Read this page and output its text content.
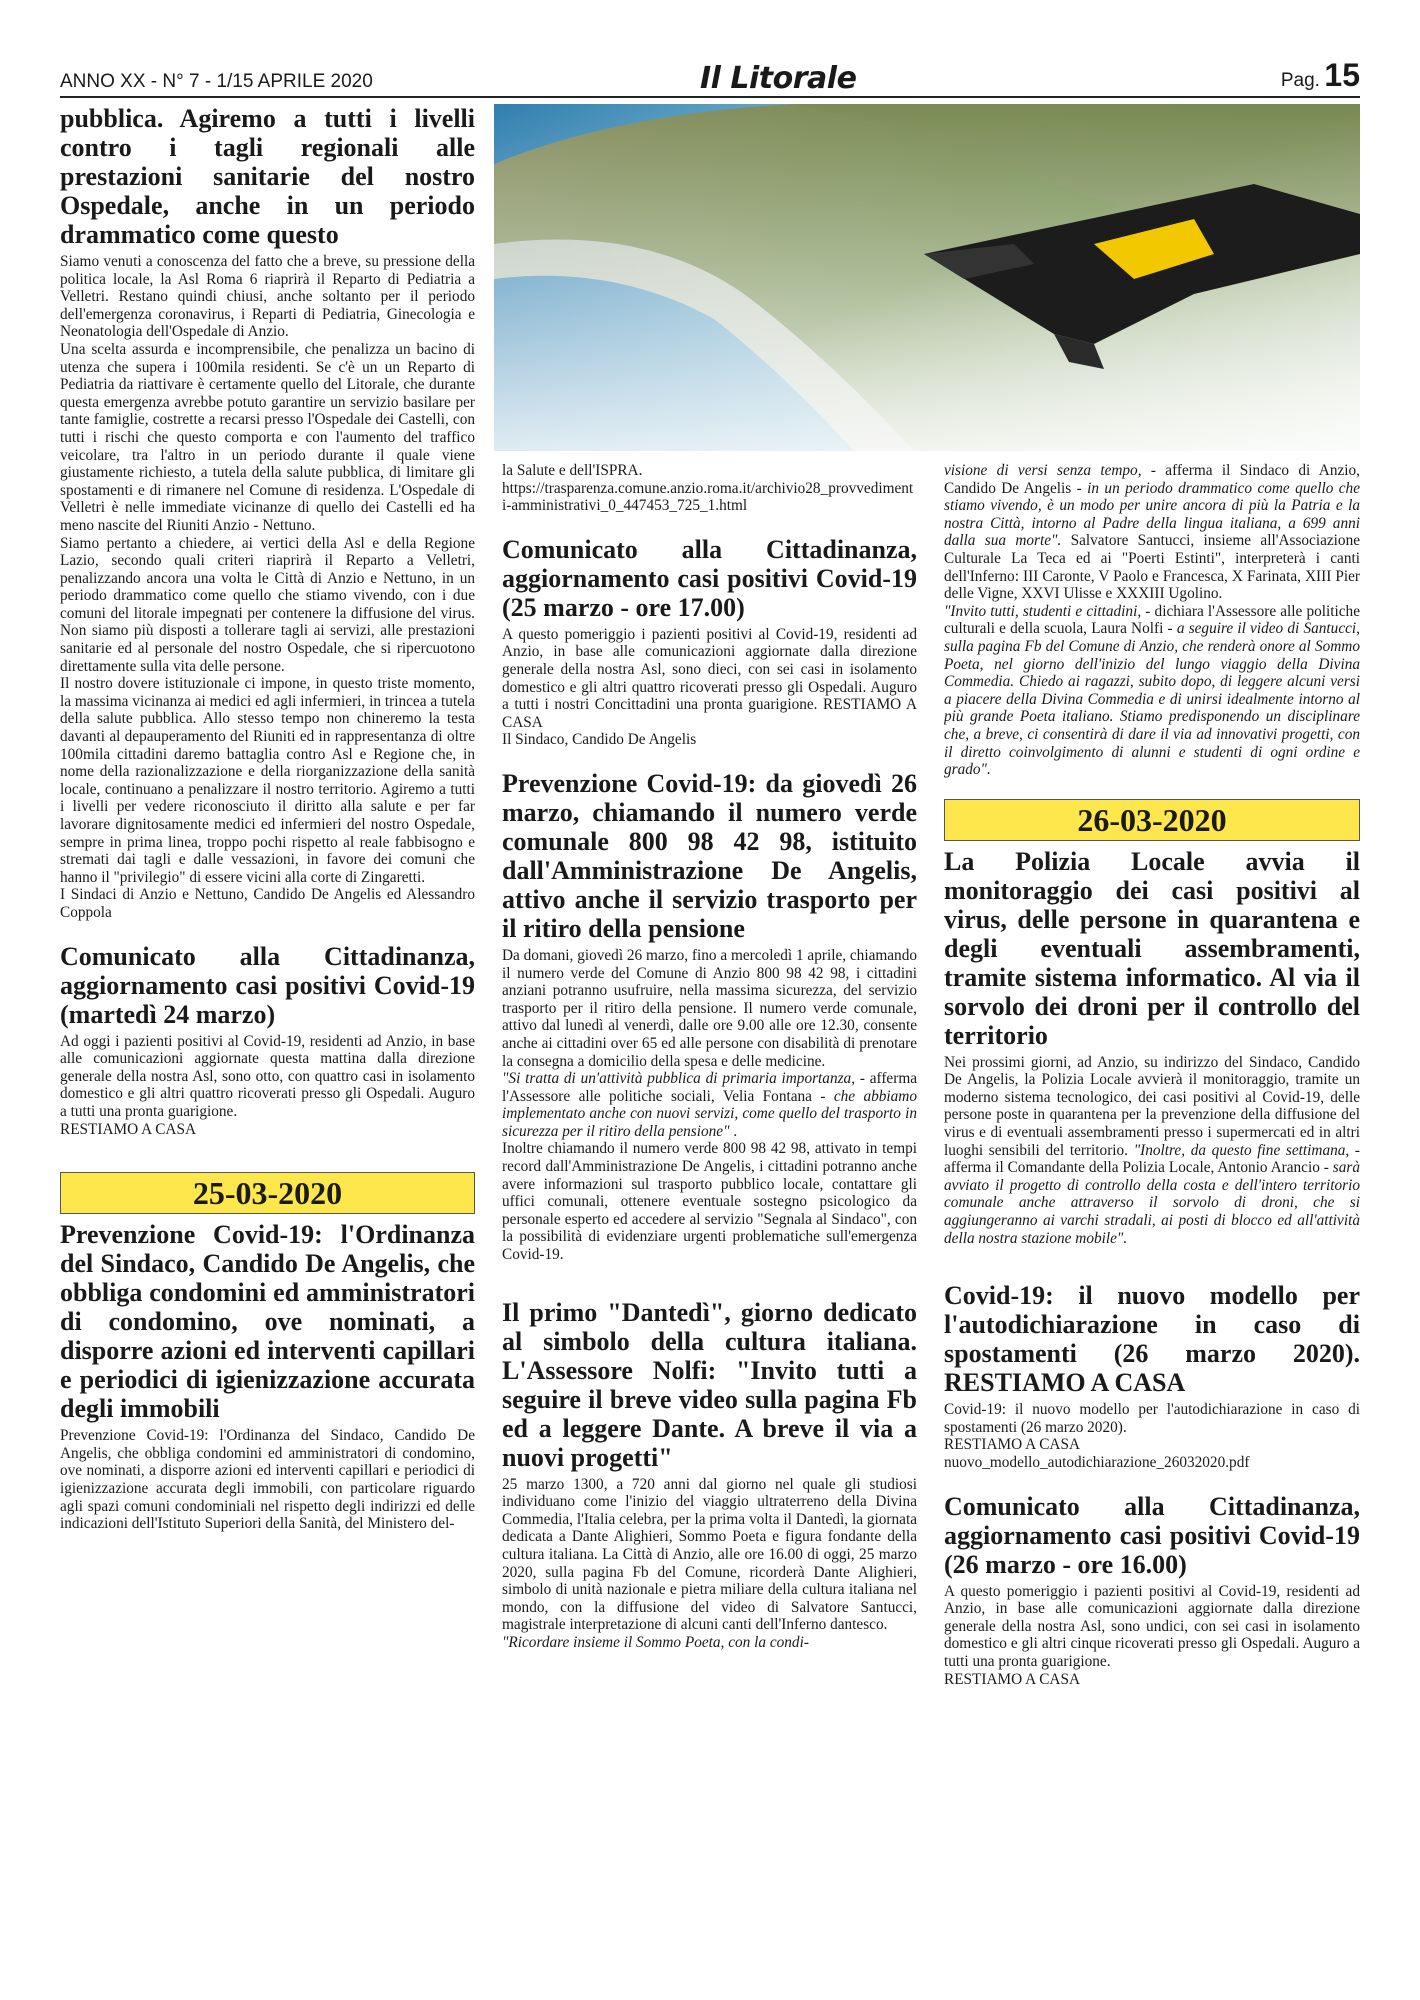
ANNO XX - N° 7 - 1/15 APRILE 2020	Il Litorale	Pag. 15

pubblica. Agiremo a tutti i livelli contro i tagli regionali alle prestazioni sanitarie del nostro Ospedale, anche in un periodo drammatico come questo

Siamo venuti a conoscenza del fatto che a breve, su pressione della politica locale, la Asl Roma 6 riaprirà il Reparto di Pediatria a Velletri. Restano quindi chiusi, anche soltanto per il periodo dell'emergenza coronavirus, i Reparti di Pediatria, Ginecologia e Neonatologia dell'Ospedale di Anzio.

Una scelta assurda e incomprensibile, che penalizza un bacino di utenza che supera i 100mila residenti. Se c'è un un Reparto di Pediatria da riattivare è certamente quello del Litorale, che durante questa emergenza avrebbe potuto garantire un servizio basilare per tante famiglie, costrette a recarsi presso l'Ospedale dei Castelli, con tutti i rischi che questo comporta e con l'aumento del traffico veicolare, tra l'altro in un periodo durante il quale viene giustamente richiesto, a tutela della salute pubblica, di limitare gli spostamenti e di rimanere nel Comune di residenza. L'Ospedale di Velletri è nelle immediate vicinanze di quello dei Castelli ed ha meno nascite del Riuniti Anzio - Nettuno.

Siamo pertanto a chiedere, ai vertici della Asl e della Regione Lazio, secondo quali criteri riaprirà il Reparto a Velletri, penalizzando ancora una volta le Città di Anzio e Nettuno, in un periodo drammatico come quello che stiamo vivendo, con i due comuni del litorale impegnati per contenere la diffusione del virus. Non siamo più disposti a tollerare tagli ai servizi, alle prestazioni sanitarie ed al personale del nostro Ospedale, che si ripercuotono direttamente sulla vita delle persone.

Il nostro dovere istituzionale ci impone, in questo triste momento, la massima vicinanza ai medici ed agli infermieri, in trincea a tutela della salute pubblica. Allo stesso tempo non chineremo la testa davanti al depauperamento del Riuniti ed in rappresentanza di oltre 100mila cittadini daremo battaglia contro Asl e Regione che, in nome della razionalizzazione e della riorganizzazione della sanità locale, continuano a penalizzare il nostro territorio. Agiremo a tutti i livelli per vedere riconosciuto il diritto alla salute e per far lavorare dignitosamente medici ed infermieri del nostro Ospedale, sempre in prima linea, troppo pochi rispetto al reale fabbisogno e stremati dai tagli e dalle vessazioni, in favore dei comuni che hanno il "privilegio" di essere vicini alla corte di Zingaretti.

I Sindaci di Anzio e Nettuno, Candido De Angelis ed Alessandro Coppola

Comunicato alla Cittadinanza, aggiornamento casi positivi Covid-19 (martedì 24 marzo)

Ad oggi i pazienti positivi al Covid-19, residenti ad Anzio, in base alle comunicazioni aggiornate questa mattina dalla direzione generale della nostra Asl, sono otto, con quattro casi in isolamento domestico e gli altri quattro ricoverati presso gli Ospedali. Auguro a tutti una pronta guarigione.

RESTIAMO A CASA

25-03-2020

Prevenzione Covid-19: l'Ordinanza del Sindaco, Candido De Angelis, che obbliga condomini ed amministratori di condomino, ove nominati, a disporre azioni ed interventi capillari e periodici di igienizzazione accurata degli immobili

Prevenzione Covid-19: l'Ordinanza del Sindaco, Candido De Angelis, che obbliga condomini ed amministratori di condomino, ove nominati, a disporre azioni ed interventi capillari e periodici di igienizzazione accurata degli immobili, con particolare riguardo agli spazi comuni condominiali nel rispetto degli indirizzi ed delle indicazioni dell'Istituto Superiori della Sanità, del Ministero del-

la Salute e dell'ISPRA.

https://trasparenza.comune.anzio.roma.it/archivio28_provvedimenti-amministrativi_0_447453_725_1.html

Comunicato alla Cittadinanza, aggiornamento casi positivi Covid-19 (25 marzo - ore 17.00)

A questo pomeriggio i pazienti positivi al Covid-19, residenti ad Anzio, in base alle comunicazioni aggiornate dalla direzione generale della nostra Asl, sono dieci, con sei casi in isolamento domestico e gli altri quattro ricoverati presso gli Ospedali. Auguro a tutti i nostri Concittadini una pronta guarigione. RESTIAMO A CASA

Il Sindaco, Candido De Angelis

Prevenzione Covid-19: da giovedì 26 marzo, chiamando il numero verde comunale 800 98 42 98, istituito dall'Amministrazione De Angelis, attivo anche il servizio trasporto per il ritiro della pensione

Da domani, giovedì 26 marzo, fino a mercoledì 1 aprile, chiamando il numero verde del Comune di Anzio 800 98 42 98, i cittadini anziani potranno usufruire, nella massima sicurezza, del servizio trasporto per il ritiro della pensione. Il numero verde comunale, attivo dal lunedì al venerdì, dalle ore 9.00 alle ore 12.30, consente anche ai cittadini over 65 ed alle persone con disabilità di prenotare la consegna a domicilio della spesa e delle medicine.

"Si tratta di un'attività pubblica di primaria importanza, - afferma l'Assessore alle politiche sociali, Velia Fontana - che abbiamo implementato anche con nuovi servizi, come quello del trasporto in sicurezza per il ritiro della pensione" .

Inoltre chiamando il numero verde 800 98 42 98, attivato in tempi record dall'Amministrazione De Angelis, i cittadini potranno anche avere informazioni sul trasporto pubblico locale, contattare gli uffici comunali, ottenere eventuale sostegno psicologico da personale esperto ed accedere al servizio "Segnala al Sindaco", con la possibilità di evidenziare urgenti problematiche sull'emergenza Covid-19.

Il primo "Dantedì", giorno dedicato al simbolo della cultura italiana. L'Assessore Nolfi: "Invito tutti a seguire il breve video sulla pagina Fb ed a leggere Dante. A breve il via a nuovi progetti"

25 marzo 1300, a 720 anni dal giorno nel quale gli studiosi individuano come l'inizio del viaggio ultraterreno della Divina Commedia, l'Italia celebra, per la prima volta il Dantedì, la giornata dedicata a Dante Alighieri, Sommo Poeta e figura fondante della cultura italiana. La Città di Anzio, alle ore 16.00 di oggi, 25 marzo 2020, sulla pagina Fb del Comune, ricorderà Dante Alighieri, simbolo di unità nazionale e pietra miliare della cultura italiana nel mondo, con la diffusione del video di Salvatore Santucci, magistrale interpretazione di alcuni canti dell'Inferno dantesco.

"Ricordare insieme il Sommo Poeta, con la condi-

visione di versi senza tempo, - afferma il Sindaco di Anzio, Candido De Angelis - in un periodo drammatico come quello che stiamo vivendo, è un modo per unire ancora di più la Patria e la nostra Città, intorno al Padre della lingua italiana, a 699 anni dalla sua morte". Salvatore Santucci, insieme all'Associazione Culturale La Teca ed ai "Poerti Estinti", interpreterà i canti dell'Inferno: III Caronte, V Paolo e Francesca, X Farinata, XIII Pier delle Vigne, XXVI Ulisse e XXXIII Ugolino.

"Invito tutti, studenti e cittadini, - dichiara l'Assessore alle politiche culturali e della scuola, Laura Nolfi - a seguire il video di Santucci, sulla pagina Fb del Comune di Anzio, che renderà onore al Sommo Poeta, nel giorno dell'inizio del lungo viaggio della Divina Commedia. Chiedo ai ragazzi, subito dopo, di leggere alcuni versi a piacere della Divina Commedia e di unirsi idealmente intorno al più grande Poeta italiano. Stiamo predisponendo un disciplinare che, a breve, ci consentirà di dare il via ad innovativi progetti, con il diretto coinvolgimento di alunni e studenti di ogni ordine e grado".

26-03-2020

La Polizia Locale avvia il monitoraggio dei casi positivi al virus, delle persone in quarantena e degli eventuali assembramenti, tramite sistema informatico. Al via il sorvolo dei droni per il controllo del territorio

Nei prossimi giorni, ad Anzio, su indirizzo del Sindaco, Candido De Angelis, la Polizia Locale avvierà il monitoraggio, tramite un moderno sistema tecnologico, dei casi positivi al Covid-19, delle persone poste in quarantena per la prevenzione della diffusione del virus e di eventuali assembramenti presso i supermercati ed in altri luoghi sensibili del territorio. "Inoltre, da questo fine settimana, - afferma il Comandante della Polizia Locale, Antonio Arancio - sarà avviato il progetto di controllo della costa e dell'intero territorio comunale anche attraverso il sorvolo di droni, che si aggiungeranno ai varchi stradali, ai posti di blocco ed all'attività della nostra stazione mobile".

Covid-19: il nuovo modello per l'autodichiarazione in caso di spostamenti (26 marzo 2020). RESTIAMO A CASA

Covid-19: il nuovo modello per l'autodichiarazione in caso di spostamenti (26 marzo 2020).

RESTIAMO A CASA

nuovo_modello_autodichiarazione_26032020.pdf

Comunicato alla Cittadinanza, aggiornamento casi positivi Covid-19 (26 marzo - ore 16.00)

A questo pomeriggio i pazienti positivi al Covid-19, residenti ad Anzio, in base alle comunicazioni aggiornate dalla direzione generale della nostra Asl, sono undici, con sei casi in isolamento domestico e gli altri cinque ricoverati presso gli Ospedali. Auguro a tutti una pronta guarigione.

RESTIAMO A CASA
